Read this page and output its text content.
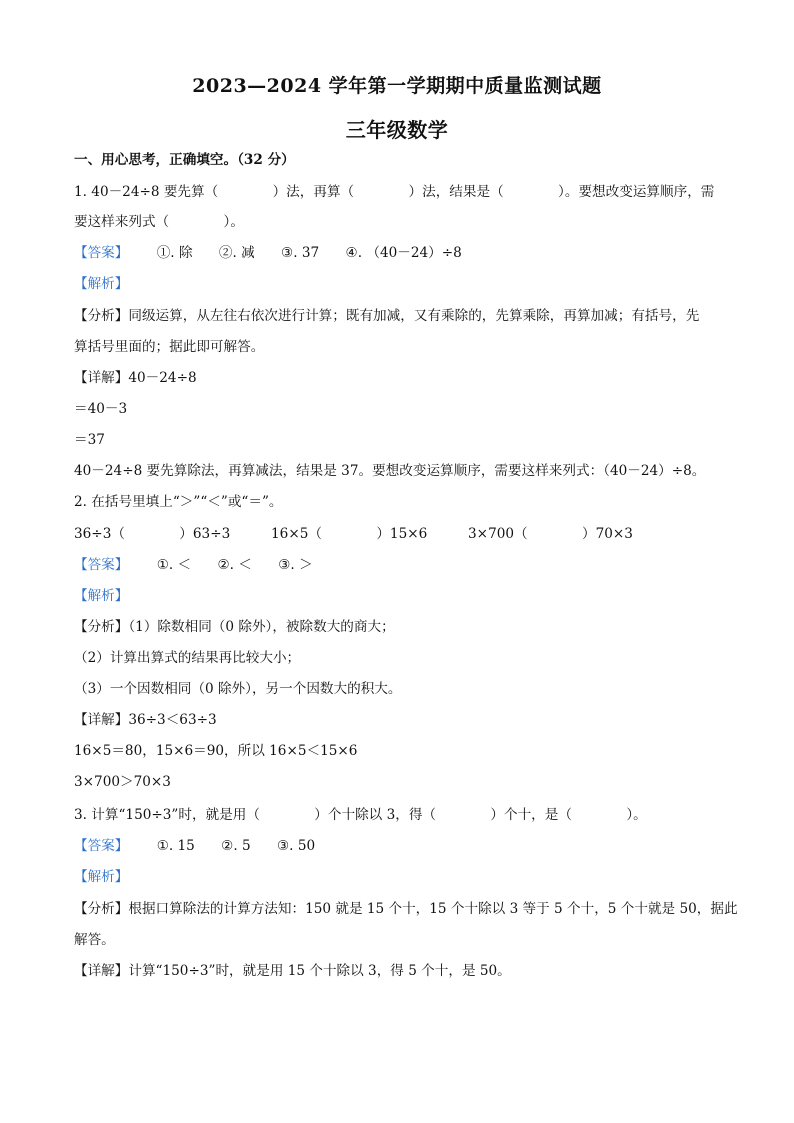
2023—2024 学年第一学期期中质量监测试题
三年级数学
一、用心思考，正确填空。（32 分）
1. 40－24÷8 要先算（　　　　）法，再算（　　　　）法，结果是（　　　　）。要想改变运算顺序，需
要这样来列式（　　　　）。
【答案】 ①. 除 ②. 减 ③. 37 ④. （40－24）÷8
【解析】
【分析】同级运算，从左往右依次进行计算；既有加减，又有乘除的，先算乘除，再算加减；有括号，先
算括号里面的；据此即可解答。
【详解】40－24÷8
＝40－3
＝37
40－24÷8 要先算除法，再算减法，结果是 37。要想改变运算顺序，需要这样来列式：（40－24）÷8。
2. 在括号里填上“＞”“＜”或“＝”。
36÷3（　　　　）63÷3　　　16×5（　　　　）15×6　　　3×700（　　　　）70×3
【答案】 ①. ＜ ②. ＜ ③. ＞
【解析】
【分析】（1）除数相同（0 除外），被除数大的商大；
（2）计算出算式的结果再比较大小；
（3）一个因数相同（0 除外），另一个因数大的积大。
【详解】36÷3＜63÷3
16×5＝80，15×6＝90，所以 16×5＜15×6
3×700＞70×3
3. 计算“150÷3”时，就是用（　　　　）个十除以 3，得（　　　　）个十，是（　　　　）。
【答案】 ①. 15 ②. 5 ③. 50
【解析】
【分析】根据口算除法的计算方法知：150 就是 15 个十，15 个十除以 3 等于 5 个十，5 个十就是 50，据此
解答。
【详解】计算“150÷3”时，就是用 15 个十除以 3，得 5 个十，是 50。
